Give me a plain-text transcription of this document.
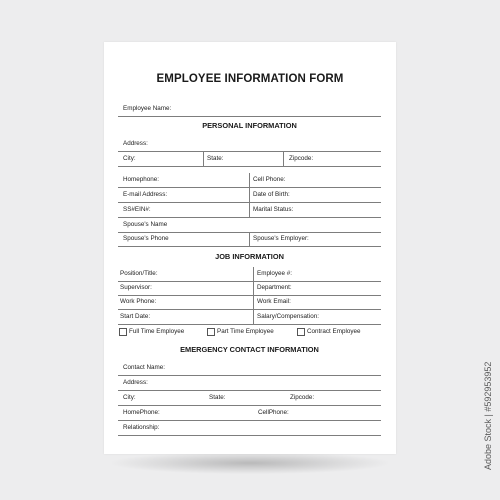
EMPLOYEE INFORMATION FORM
Employee Name:
PERSONAL INFORMATION
Address:
City:	State:	Zipcode:
Homephone:	Cell Phone:
E-mail Address:	Date of Birth:
SS#EIN#:	Marital Status:
Spouse's Name
Spouse's Phone	Spouse's Employer:
JOB INFORMATION
Position/Title:	Employee #:
Supervisor:	Department:
Work Phone:	Work Email:
Start Date:	Salary/Compensation:
Full Time Employee	Part Time Employee	Contract Employee
EMERGENCY CONTACT INFORMATION
Contact Name:
Address:
City:	State:	Zipcode:
HomePhone:	CellPhone:
Relationship:	Adobe Stock | #592953952
